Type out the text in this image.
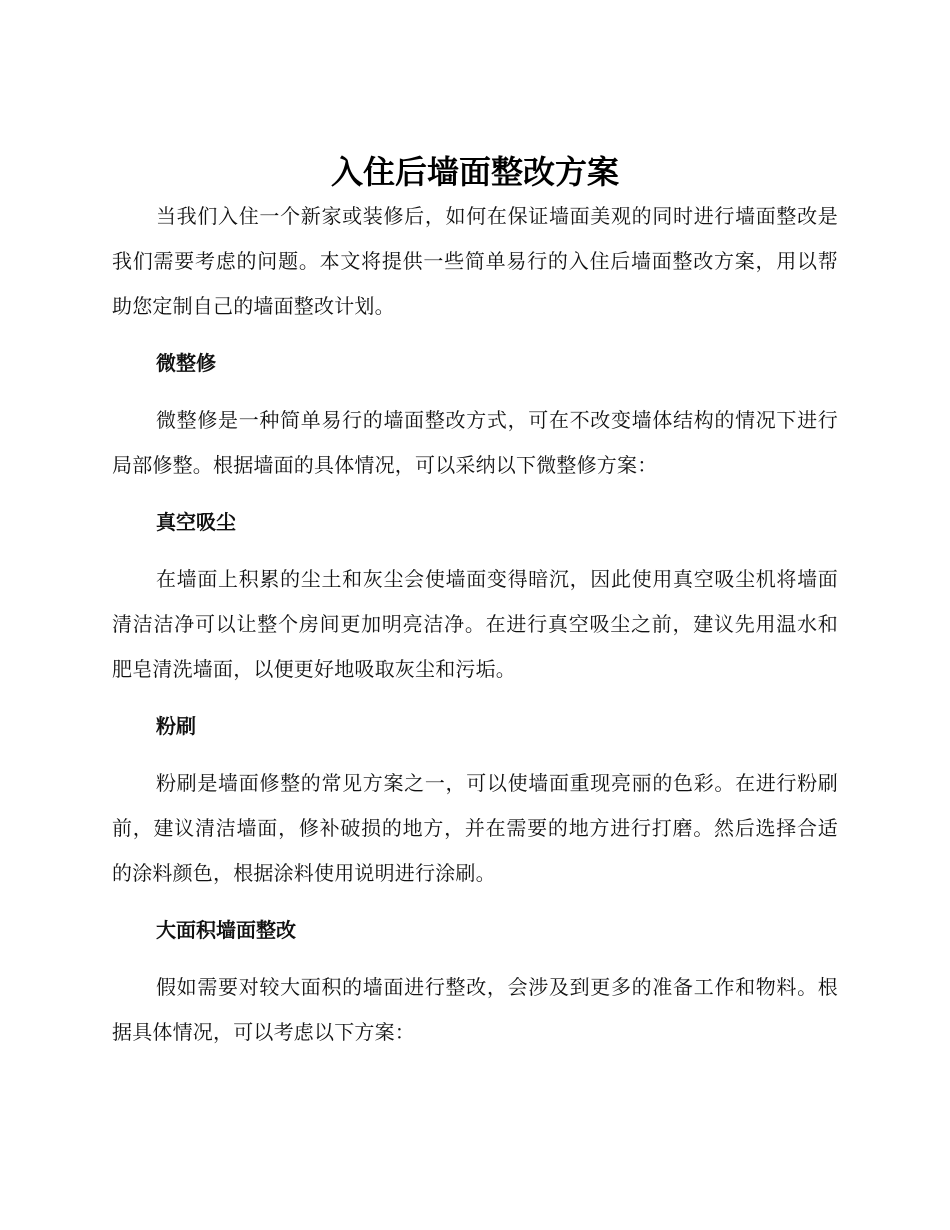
入住后墙面整改方案

当我们入住一个新家或装修后，如何在保证墙面美观的同时进行墙面整改是我们需要考虑的问题。本文将提供一些简单易行的入住后墙面整改方案，用以帮助您定制自己的墙面整改计划。

微整修

微整修是一种简单易行的墙面整改方式，可在不改变墙体结构的情况下进行局部修整。根据墙面的具体情况，可以采纳以下微整修方案：

真空吸尘

在墙面上积累的尘土和灰尘会使墙面变得暗沉，因此使用真空吸尘机将墙面清洁洁净可以让整个房间更加明亮洁净。在进行真空吸尘之前，建议先用温水和肥皂清洗墙面，以便更好地吸取灰尘和污垢。

粉刷

粉刷是墙面修整的常见方案之一，可以使墙面重现亮丽的色彩。在进行粉刷前，建议清洁墙面，修补破损的地方，并在需要的地方进行打磨。然后选择合适的涂料颜色，根据涂料使用说明进行涂刷。

大面积墙面整改

假如需要对较大面积的墙面进行整改，会涉及到更多的准备工作和物料。根据具体情况，可以考虑以下方案：
